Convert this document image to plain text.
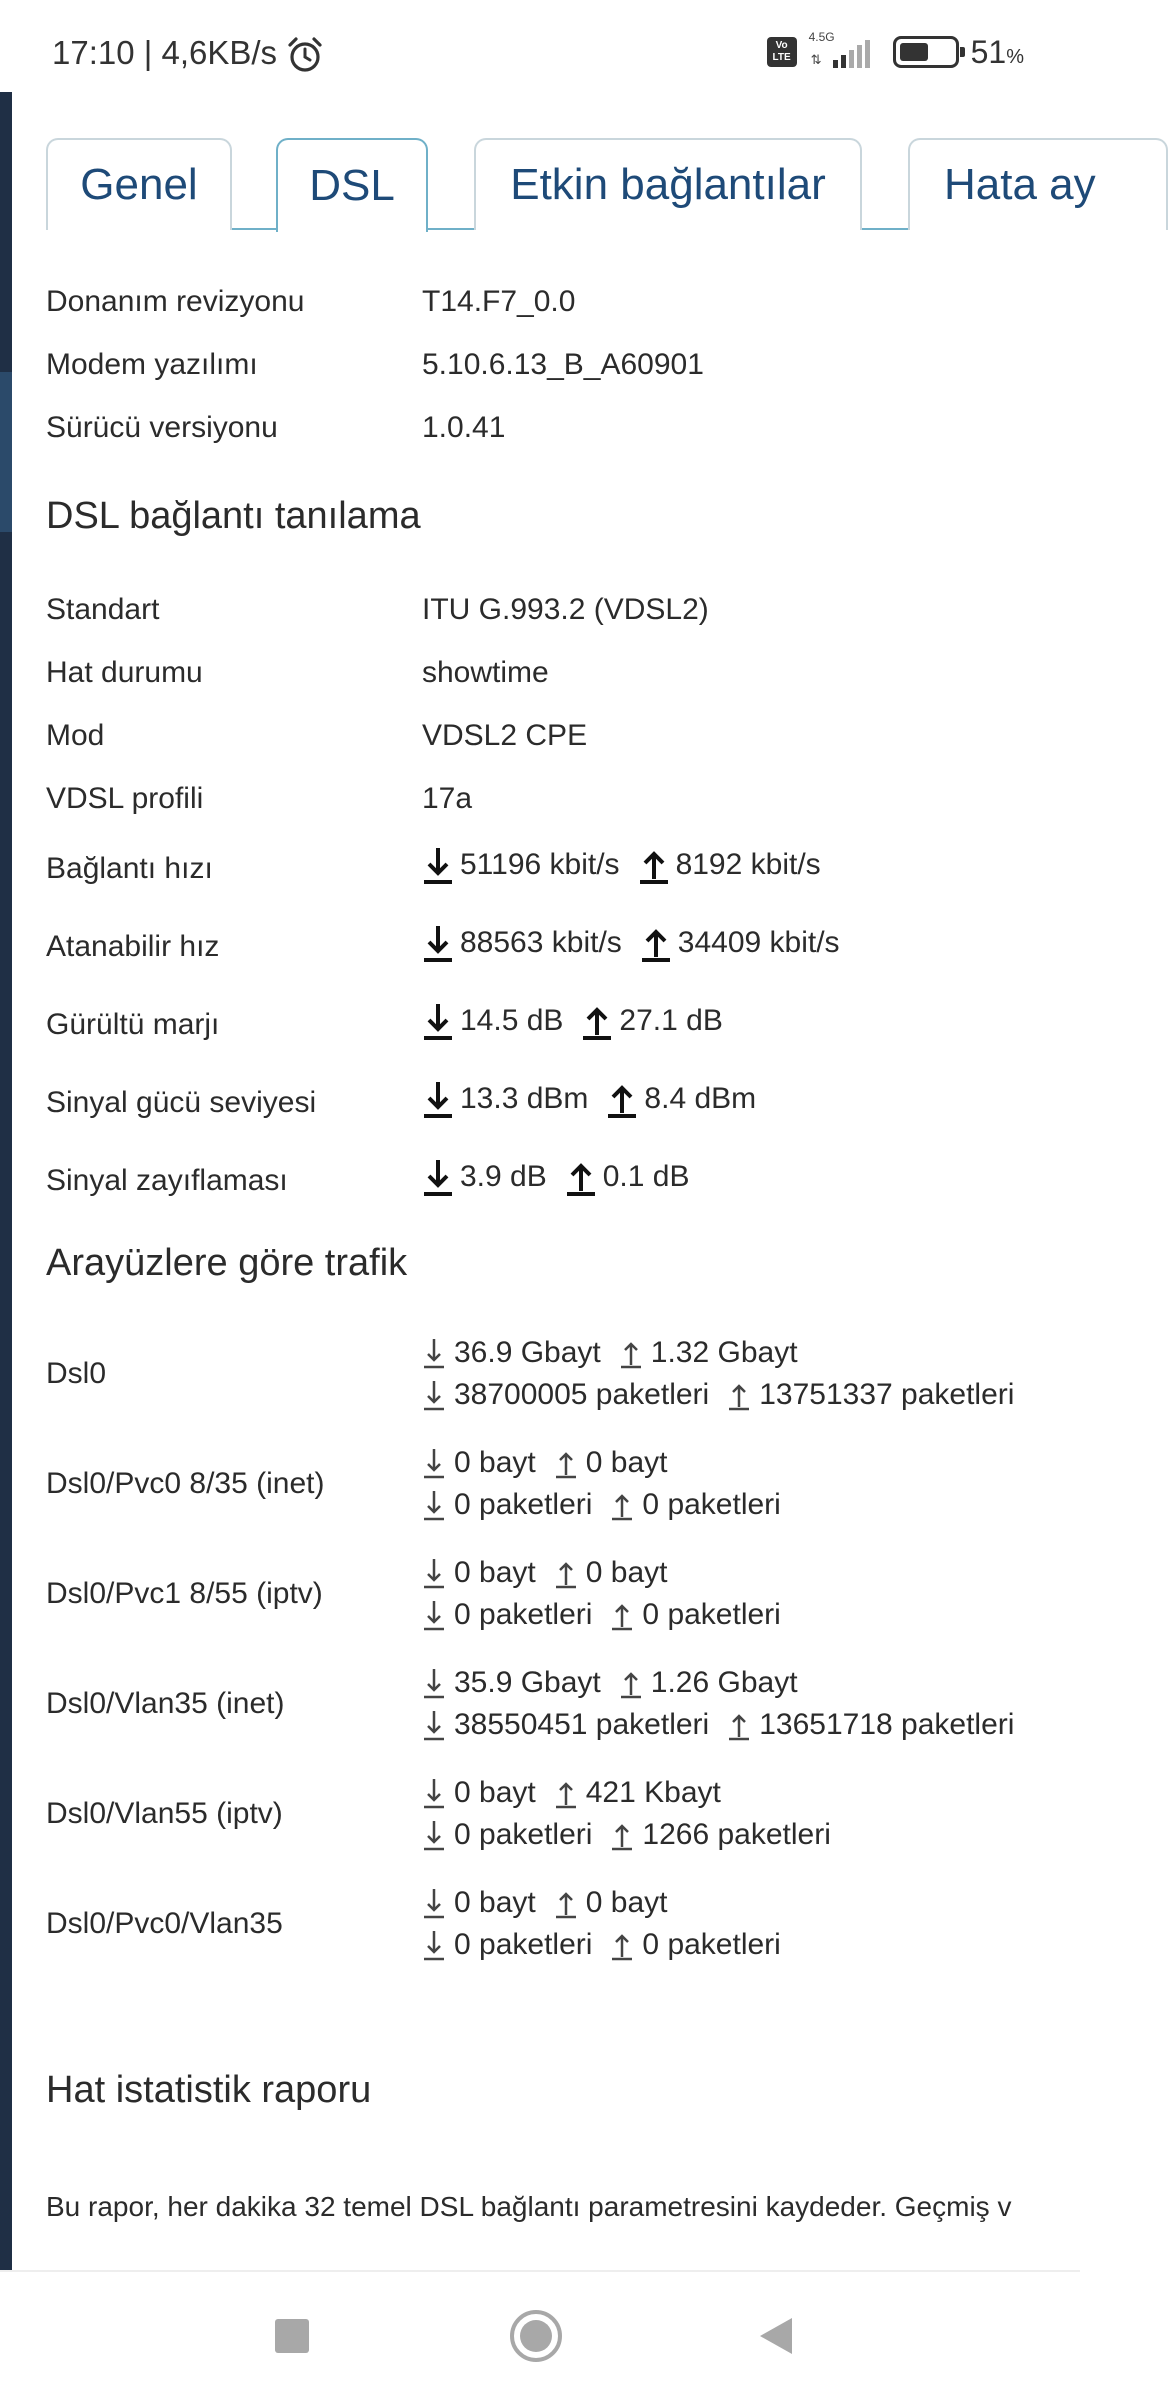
17:10 | 4,6KB/s	Vo LTE
4.5G
⇅	51%
Genel	DSL	Etkin bağlantılar	Hata ay
Donanım revizyonu	T14.F7_0.0
Modem yazılımı	5.10.6.13_B_A60901
Sürücü versiyonu	1.0.41
DSL bağlantı tanılama
Standart	ITU G.993.2 (VDSL2)
Hat durumu	showtime
Mod	VDSL2 CPE
VDSL profili	17a
Bağlantı hızı	51196 kbit/s 8192 kbit/s
Atanabilir hız	88563 kbit/s 34409 kbit/s
Gürültü marjı	14.5 dB 27.1 dB
Sinyal gücü seviyesi	13.3 dBm 8.4 dBm
Sinyal zayıflaması	3.9 dB 0.1 dB
Arayüzlere göre trafik
Dsl0
36.9 Gbayt 1.32 Gbayt
38700005 paketleri 13751337 paketleri
Dsl0/Pvc0 8/35 (inet)
0 bayt 0 bayt
0 paketleri 0 paketleri
Dsl0/Pvc1 8/55 (iptv)
0 bayt 0 bayt
0 paketleri 0 paketleri
Dsl0/Vlan35 (inet)
35.9 Gbayt 1.26 Gbayt
38550451 paketleri 13651718 paketleri
Dsl0/Vlan55 (iptv)
0 bayt 421 Kbayt
0 paketleri 1266 paketleri
Dsl0/Pvc0/Vlan35
0 bayt 0 bayt
0 paketleri 0 paketleri
Hat istatistik raporu

Bu rapor, her dakika 32 temel DSL bağlantı parametresini kaydeder. Geçmiş v
